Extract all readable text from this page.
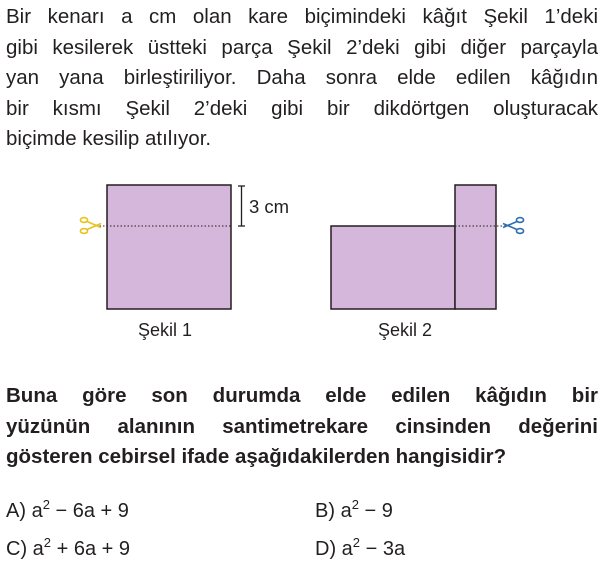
Bir kenarı a cm olan kare biçimindeki kâğıt Şekil 1’deki
gibi kesilerek üstteki parça Şekil 2’deki gibi diğer parçayla
yan yana birleştiriliyor. Daha sonra elde edilen kâğıdın
bir kısmı Şekil 2’deki gibi bir dikdörtgen oluşturacak
biçimde kesilip atılıyor.

3 cm
Şekil 1	Şekil 2

Buna göre son durumda elde edilen kâğıdın bir
yüzünün alanının santimetrekare cinsinden değerini
gösteren cebirsel ifade aşağıdakilerden hangisidir?

A) $a^2 - 6a + 9$	B) $a^2 - 9$
C) $a^2 + 6a + 9$	D) $a^2 - 3a$
